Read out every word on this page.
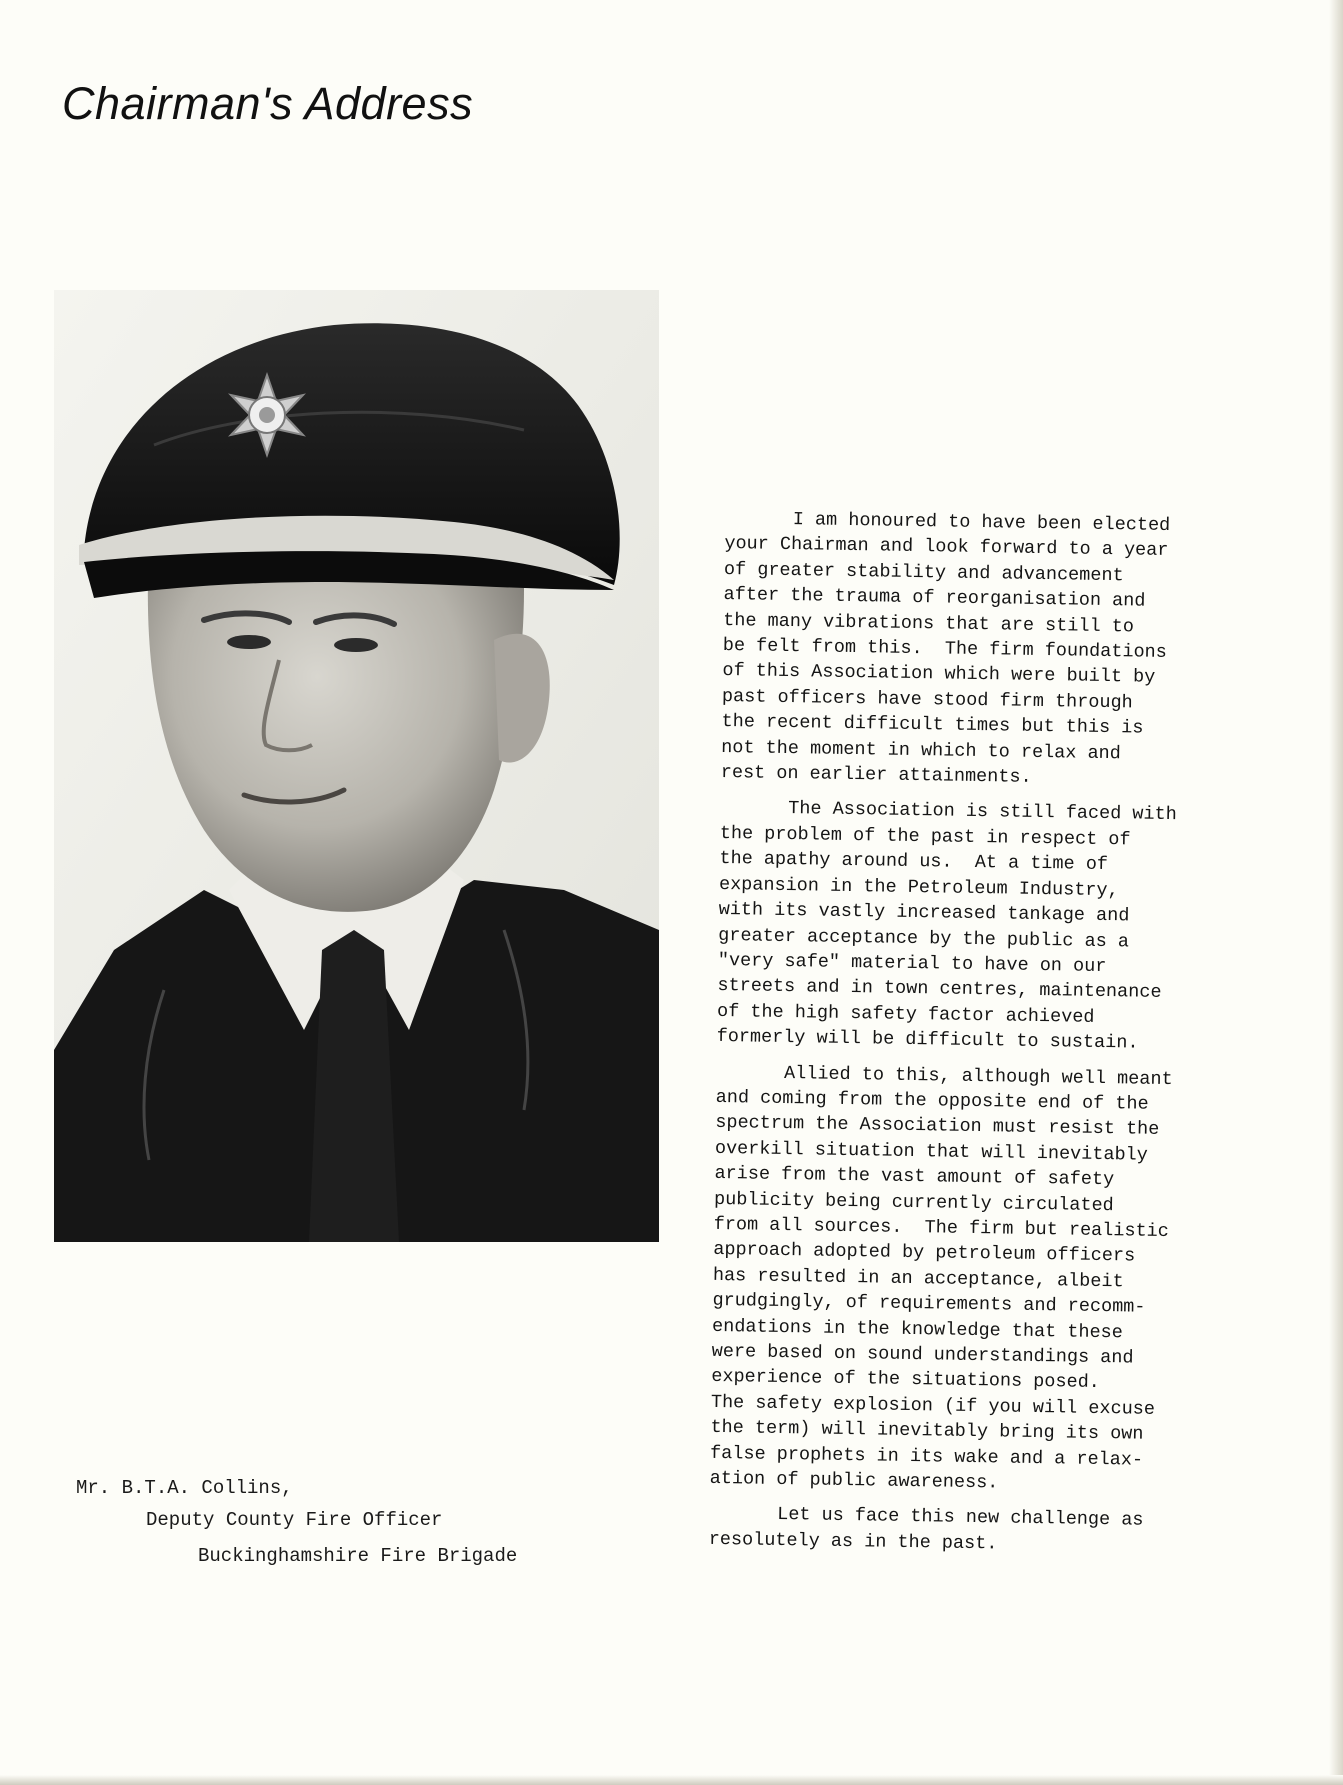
Chairman's Address
Mr. B.T.A. Collins,
Deputy County Fire Officer
Buckinghamshire Fire Brigade
I am honoured to have been elected
your Chairman and look forward to a year
of greater stability and advancement
after the trauma of reorganisation and
the many vibrations that are still to
be felt from this.  The firm foundations
of this Association which were built by
past officers have stood firm through
the recent difficult times but this is
not the moment in which to relax and
rest on earlier attainments.
The Association is still faced with
the problem of the past in respect of
the apathy around us.  At a time of
expansion in the Petroleum Industry,
with its vastly increased tankage and
greater acceptance by the public as a
"very safe" material to have on our
streets and in town centres, maintenance
of the high safety factor achieved
formerly will be difficult to sustain.
Allied to this, although well meant
and coming from the opposite end of the
spectrum the Association must resist the
overkill situation that will inevitably
arise from the vast amount of safety
publicity being currently circulated
from all sources.  The firm but realistic
approach adopted by petroleum officers
has resulted in an acceptance, albeit
grudgingly, of requirements and recomm-
endations in the knowledge that these
were based on sound understandings and
experience of the situations posed.
The safety explosion (if you will excuse
the term) will inevitably bring its own
false prophets in its wake and a relax-
ation of public awareness.
Let us face this new challenge as
resolutely as in the past.
